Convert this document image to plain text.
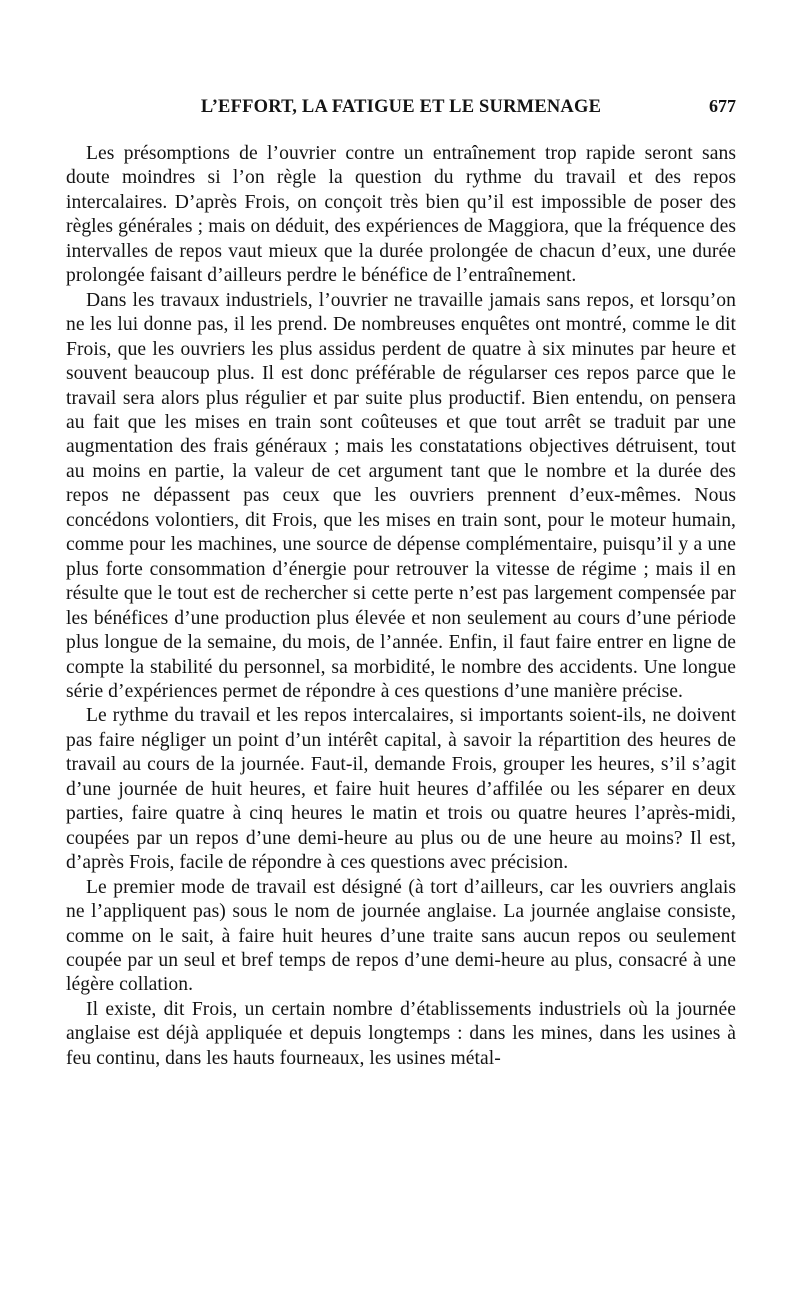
L’EFFORT, LA FATIGUE ET LE SURMENAGE	677

Les présomptions de l’ouvrier contre un entraînement trop rapide seront sans doute moindres si l’on règle la question du rythme du travail et des repos intercalaires. D’après Frois, on conçoit très bien qu’il est impossible de poser des règles générales ; mais on déduit, des expériences de Maggiora, que la fréquence des intervalles de repos vaut mieux que la durée prolongée de chacun d’eux, une durée prolongée faisant d’ailleurs perdre le bénéfice de l’entraînement.

Dans les travaux industriels, l’ouvrier ne travaille jamais sans repos, et lorsqu’on ne les lui donne pas, il les prend. De nombreuses enquêtes ont montré, comme le dit Frois, que les ouvriers les plus assidus perdent de quatre à six minutes par heure et souvent beaucoup plus. Il est donc préférable de régularser ces repos parce que le travail sera alors plus régulier et par suite plus productif. Bien entendu, on pensera au fait que les mises en train sont coûteuses et que tout arrêt se traduit par une augmentation des frais généraux ; mais les constatations objectives détruisent, tout au moins en partie, la valeur de cet argument tant que le nombre et la durée des repos ne dépassent pas ceux que les ouvriers prennent d’eux-mêmes. Nous concédons volontiers, dit Frois, que les mises en train sont, pour le moteur humain, comme pour les machines, une source de dépense complémentaire, puisqu’il y a une plus forte consommation d’énergie pour retrouver la vitesse de régime ; mais il en résulte que le tout est de rechercher si cette perte n’est pas largement compensée par les bénéfices d’une production plus élevée et non seulement au cours d’une période plus longue de la semaine, du mois, de l’année. Enfin, il faut faire entrer en ligne de compte la stabilité du personnel, sa morbidité, le nombre des accidents. Une longue série d’expériences permet de répondre à ces questions d’une manière précise.

Le rythme du travail et les repos intercalaires, si importants soient-ils, ne doivent pas faire négliger un point d’un intérêt capital, à savoir la répartition des heures de travail au cours de la journée. Faut-il, demande Frois, grouper les heures, s’il s’agit d’une journée de huit heures, et faire huit heures d’affilée ou les séparer en deux parties, faire quatre à cinq heures le matin et trois ou quatre heures l’après-midi, coupées par un repos d’une demi-heure au plus ou de une heure au moins? Il est, d’après Frois, facile de répondre à ces questions avec précision.

Le premier mode de travail est désigné (à tort d’ailleurs, car les ouvriers anglais ne l’appliquent pas) sous le nom de journée anglaise. La journée anglaise consiste, comme on le sait, à faire huit heures d’une traite sans aucun repos ou seulement coupée par un seul et bref temps de repos d’une demi-heure au plus, consacré à une légère collation.

Il existe, dit Frois, un certain nombre d’établissements industriels où la journée anglaise est déjà appliquée et depuis longtemps : dans les mines, dans les usines à feu continu, dans les hauts fourneaux, les usines métal-
